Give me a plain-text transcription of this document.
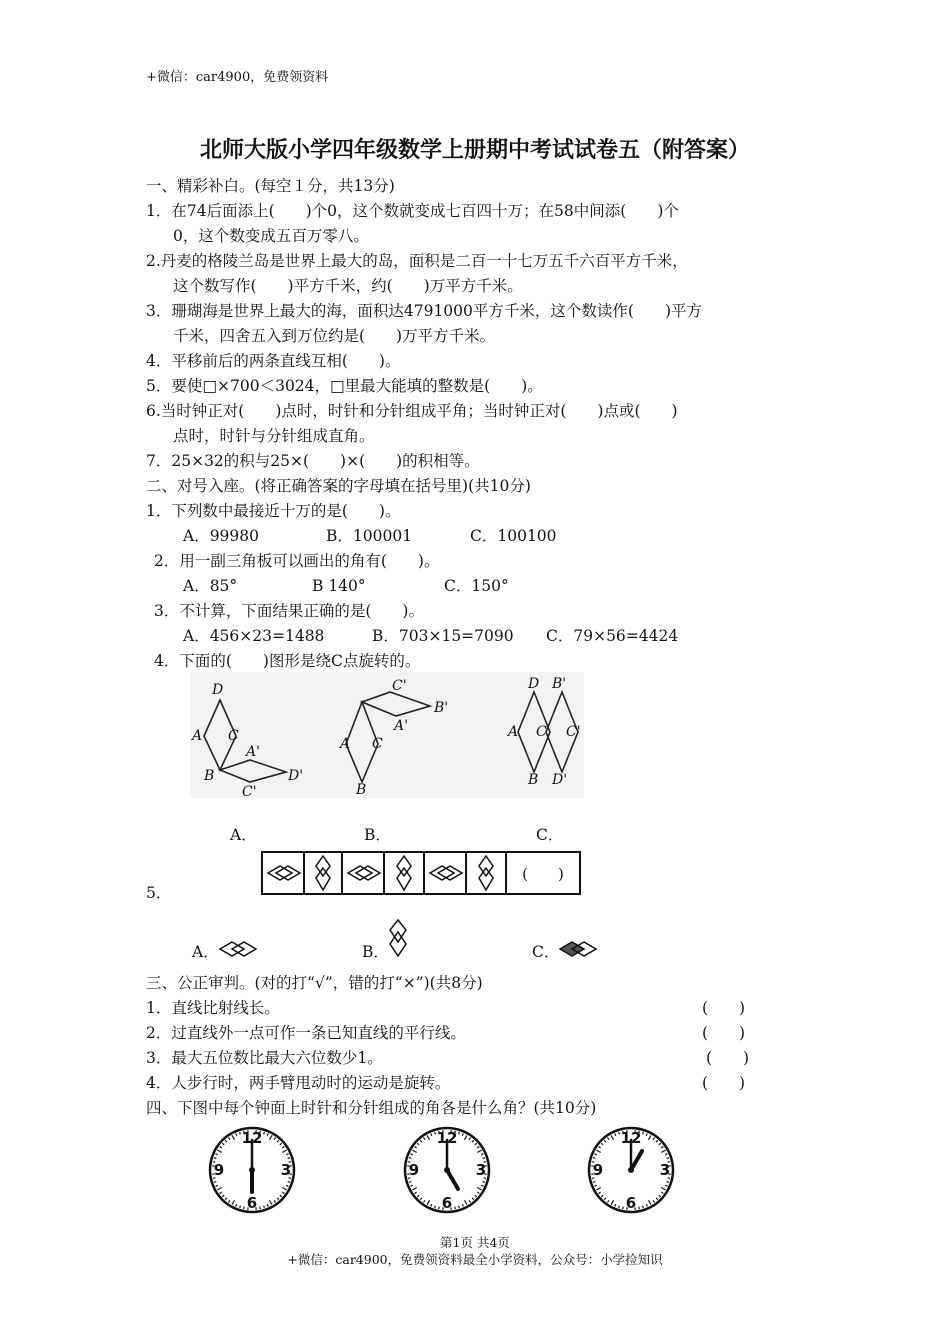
+微信：car4900，免费领资料
北师大版小学四年级数学上册期中考试试卷五（附答案）
一、精彩补白。(每空１分，共13分)
1．在74后面添上(　　)个0，这个数就变成七百四十万；在58中间添(　　)个
0，这个数变成五百万零八。
2.丹麦的格陵兰岛是世界上最大的岛，面积是二百一十七万五千六百平方千米，
这个数写作(　　)平方千米，约(　　)万平方千米。
3．珊瑚海是世界上最大的海，面积达4791000平方千米，这个数读作(　　)平方
千米，四舍五入到万位约是(　　)万平方千米。
4．平移前后的两条直线互相(　　)。
5．要使□×700＜3024，□里最大能填的整数是(　　)。
6.当时钟正对(　　)点时，时针和分针组成平角；当时钟正对(　　)点或(　　)
点时，时针与分针组成直角。
7．25×32的积与25×(　　)×(　　)的积相等。
二、对号入座。(将正确答案的字母填在括号里)(共10分)
1．下列数中最接近十万的是(　　)。
A．99980	B．100001	C．100100
2．用一副三角板可以画出的角有(　　)。
A．85°	B 140°	C．150°
3．不计算，下面结果正确的是(　　)。
A．456×23=1488	B．703×15=7090 C．79×56=4424
4．下面的(　　)图形是绕C点旋转的。
D
A C
A'
B	D'
C'
C'
B'
A'
A C
B
D B'
A C C'
B D'
A．	B．	C．
5．
(　　)
A．	B．	C．
三、公正审判。(对的打“√”，错的打“×”)(共8分)
1．直线比射线长。	(　　)
2．过直线外一点可作一条已知直线的平行线。	(　　)
3．最大五位数比最大六位数少1。	(　　)
4．人步行时，两手臂甩动时的运动是旋转。	(　　)
四、下图中每个钟面上时针和分针组成的角各是什么角？(共10分)
12
3
6
9
12
3
6
9
12
3
6
9
第1页 共4页
+微信：car4900，免费领资料最全小学资料，公众号：小学捡知识
